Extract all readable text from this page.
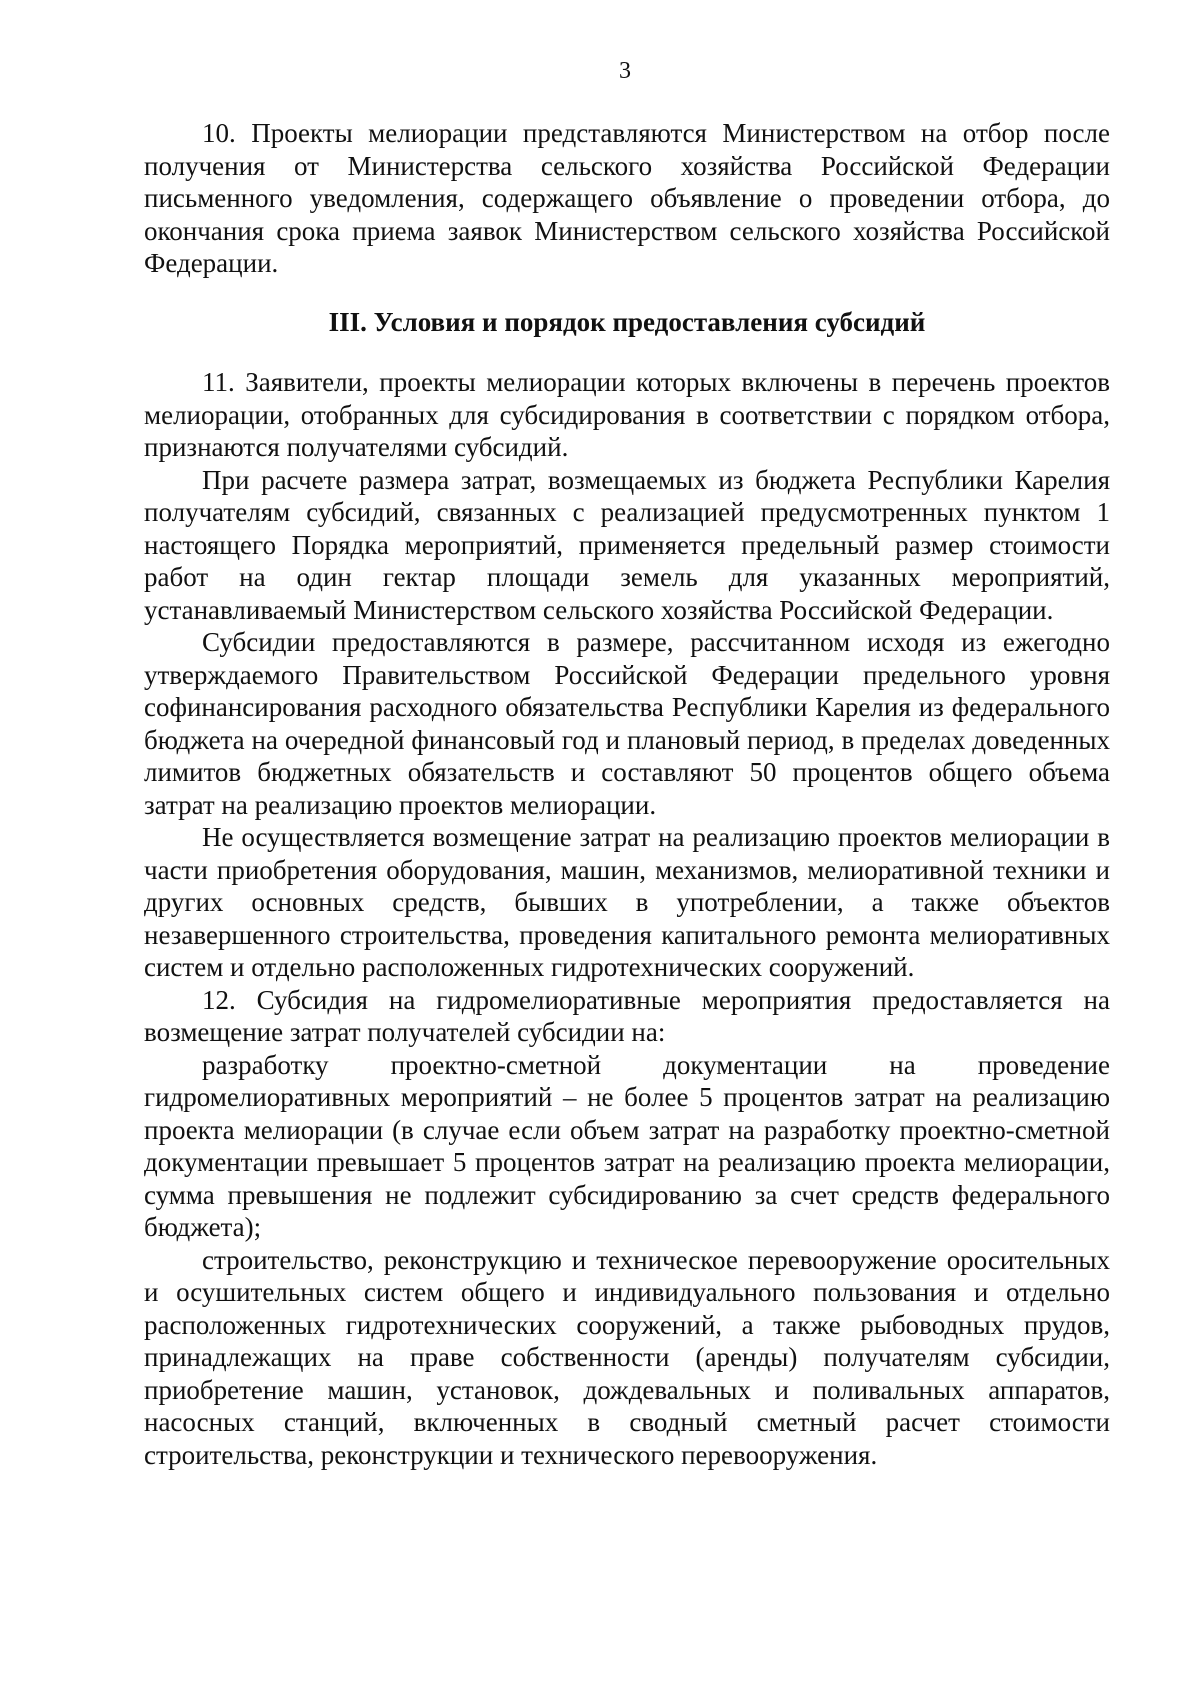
3

10. Проекты мелиорации представляются Министерством на отбор после получения от Министерства сельского хозяйства Российской Федерации письменного уведомления, содержащего объявление о проведении отбора, до окончания срока приема заявок Министерством сельского хозяйства Российской Федерации.

III. Условия и порядок предоставления субсидий

11. Заявители, проекты мелиорации которых включены в перечень проектов мелиорации, отобранных для субсидирования в соответствии с порядком отбора, признаются получателями субсидий.

При расчете размера затрат, возмещаемых из бюджета Республики Карелия получателям субсидий, связанных с реализацией предусмотренных пунктом 1 настоящего Порядка мероприятий, применяется предельный размер стоимости работ на один гектар площади земель для указанных мероприятий, устанавливаемый Министерством сельского хозяйства Российской Федерации.

Субсидии предоставляются в размере, рассчитанном исходя из ежегодно утверждаемого Правительством Российской Федерации предельного уровня софинансирования расходного обязательства Республики Карелия из федерального бюджета на очередной финансовый год и плановый период, в пределах доведенных лимитов бюджетных обязательств и составляют 50 процентов общего объема затрат на реализацию проектов мелиорации.

Не осуществляется возмещение затрат на реализацию проектов мелиорации в части приобретения оборудования, машин, механизмов, мелиоративной техники и других основных средств, бывших в употреблении, а также объектов незавершенного строительства, проведения капитального ремонта мелиоративных систем и отдельно расположенных гидротехнических сооружений.

12. Субсидия на гидромелиоративные мероприятия предоставляется на возмещение затрат получателей субсидии на:

разработку проектно-сметной документации на проведение гидромелиоративных мероприятий – не более 5 процентов затрат на реализацию проекта мелиорации (в случае если объем затрат на разработку проектно-сметной документации превышает 5 процентов затрат на реализацию проекта мелиорации, сумма превышения не подлежит субсидированию за счет средств федерального бюджета);

строительство, реконструкцию и техническое перевооружение оросительных и осушительных систем общего и индивидуального пользования и отдельно расположенных гидротехнических сооружений, а также рыбоводных прудов, принадлежащих на праве собственности (аренды) получателям субсидии, приобретение машин, установок, дождевальных и поливальных аппаратов, насосных станций, включенных в сводный сметный расчет стоимости строительства, реконструкции и технического перевооружения.
